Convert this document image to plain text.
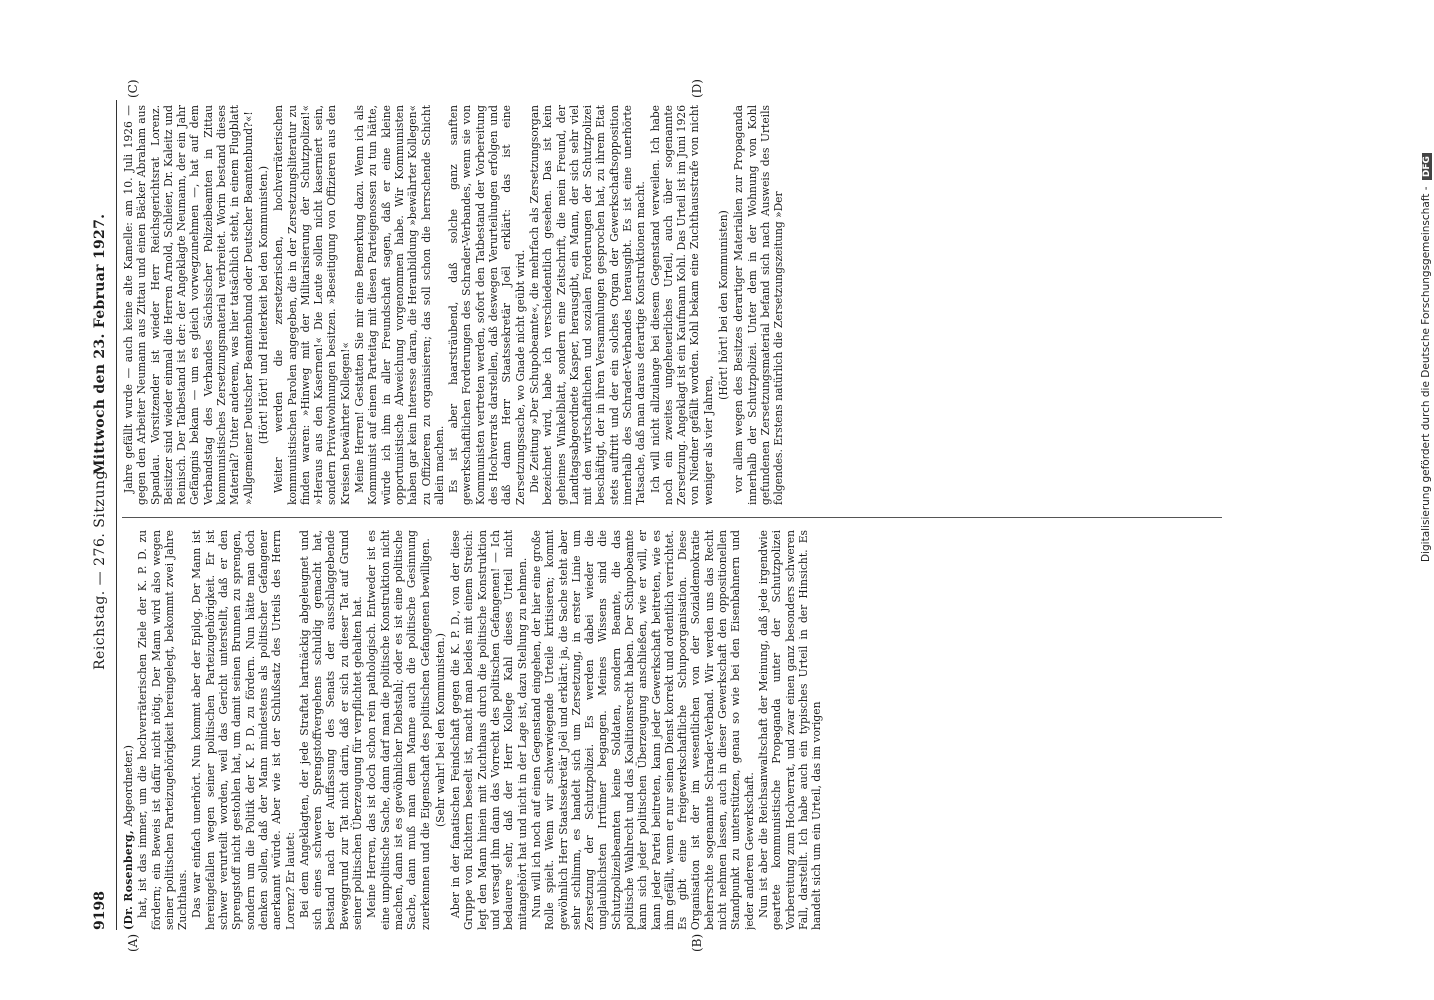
9198
Reichstag. — 276. Sitzung.
Mittwoch den 23. Februar 1927.

(Dr. Rosenberg, Abgeordneter.) hat, ist das immer, um die hochverräterischen Ziele der K. P. D. zu fördern; ein Beweis ist dafür nicht nötig. Der Mann wird also wegen seiner politischen Parteizugehörigkeit hereingelegt, bekommt zwei Jahre Zuchthaus. Das war einfach unerhört. Nun kommt aber der Epilog. Der Mann ist hereingefallen wegen seiner politischen Parteizugehörigkeit. Er ist schwer verurteilt worden, weil das Gericht unterstellt, daß er den Sprengstoff nicht gestohlen hat, um damit seinen Brunnen zu sprengen, sondern um die Politik der K. P. D. zu fördern. Nun hätte man doch denken sollen, daß der Mann mindestens als politischer Gefangener anerkannt würde. Aber wie ist der Schlußsatz des Urteils des Herrn Lorenz? Er lautet: Bei dem Angeklagten, der jede Straftat hartnäckig abgeleugnet und sich eines schweren Sprengstoffvergehens schuldig gemacht hat, bestand nach der Auffassung des Senats der ausschlaggebende Beweggrund zur Tat nicht darin, daß er sich zu dieser Tat auf Grund seiner politischen Überzeugung für verpflichtet gehalten hat. Meine Herren, das ist doch schon rein pathologisch. Entweder ist es eine unpolitische Sache, dann darf man die politische Konstruktion nicht machen, dann ist es gewöhnlicher Diebstahl; oder es ist eine politische Sache, dann muß man dem Manne auch die politische Gesinnung zuerkennen und die Eigenschaft des politischen Gefangenen bewilligen. (Sehr wahr! bei den Kommunisten.) Aber in der fanatischen Feindschaft gegen die K. P. D., von der diese Gruppe von Richtern beseelt ist, macht man beides mit einem Streich: legt den Mann hinein mit Zuchthaus durch die politische Konstruktion und versagt ihm dann das Vorrecht des politischen Gefangenen! — Ich bedauere sehr, daß der Herr Kollege Kahl dieses Urteil nicht mitangehört hat und nicht in der Lage ist, dazu Stellung zu nehmen. Nun will ich noch auf einen Gegenstand eingehen, der hier eine große Rolle spielt. Wenn wir schwerwiegende Urteile kritisieren; kommt gewöhnlich Herr Staatssekretär Joël und erklärt: ja, die Sache steht aber sehr schlimm, es handelt sich um Zersetzung, in erster Linie um Zersetzung der Schutzpolizei. Es werden dabei wieder die unglaublichsten Irrtümer begangen. Meines Wissens sind die Schutzpolizeibeamten keine Soldaten, sondern Beamte, die das politische Wahlrecht und das Koalitionsrecht haben. Der Schupobeamte kann sich jeder politischen Überzeugung anschließen, wie er will, er kann jeder Partei beitreten, kann jeder Gewerkschaft beitreten, wie es ihm gefällt, wenn er nur seinen Dienst korrekt und ordentlich verrichtet. Es gibt eine freigewerkschaftliche Schupoorganisation. Diese Organisation ist der im wesentlichen von der Sozialdemokratie beherrschte sogenannte Schrader-Verband. Wir werden uns das Recht nicht nehmen lassen, auch in dieser Gewerkschaft den oppositionellen Standpunkt zu unterstützen, genau so wie bei den Eisenbahnern und jeder anderen Gewerkschaft. Nun ist aber die Reichsanwaltschaft der Meinung, daß jede irgendwie geartete kommunistische Propaganda unter der Schutzpolizei Vorbereitung zum Hochverrat, und zwar einen ganz besonders schweren Fall, darstellt. Ich habe auch ein typisches Urteil in der Hinsicht. Es handelt sich um ein Urteil, das im vorigen

Jahre gefällt wurde — auch keine alte Kamelle: am 10. Juli 1926 — gegen den Arbeiter Neumann aus Zittau und einen Bäcker Abraham aus Spandau. Vorsitzender ist wieder Herr Reichsgerichtsrat Lorenz. Beisitzer sind wieder einmal die Herren Arnold, Schleier, Dr. Kaleitz und Reinisch. Der Tatbestand ist der: der Angeklagte Neumann, der ein Jahr Gefängnis bekam — um es gleich vorwegzunehmen —, hat auf dem Verbandstag des Verbandes Sächsischer Polizeibeamten in Zittau kommunistisches Zersetzungsmaterial verbreitet. Worin bestand dieses Material? Unter anderem, was hier tatsächlich steht, in einem Flugblatt »Allgemeiner Deutscher Beamtenbund oder Deutscher Beamtenbund?«! (Hört! Hört! und Heiterkeit bei den Kommunisten.) Weiter werden die zersetzerischen, hochverräterischen kommunistischen Parolen angegeben, die in der Zersetzungsliteratur zu finden waren: »Hinweg mit der Militarisierung der Schutzpolizei!« »Heraus aus den Kasernen!« Die Leute sollen nicht kaserniert sein, sondern Privatwohnungen besitzen. »Beseitigung von Offizieren aus den Kreisen bewährter Kollegen!« Meine Herren! Gestatten Sie mir eine Bemerkung dazu. Wenn ich als Kommunist auf einem Parteitag mit diesen Parteigenossen zu tun hätte, würde ich ihm in aller Freundschaft sagen, daß er eine kleine opportunistische Abweichung vorgenommen habe. Wir Kommunisten haben gar kein Interesse daran, die Heranbildung »bewährter Kollegen« zu Offizieren zu organisieren; das soll schon die herrschende Schicht allein machen. Es ist aber haarsträubend, daß solche ganz sanften gewerkschaftlichen Forderungen des Schrader-Verbandes, wenn sie von Kommunisten vertreten werden, sofort den Tatbestand der Vorbereitung des Hochverrats darstellen, daß deswegen Verurteilungen erfolgen und daß dann Herr Staatssekretär Joël erklärt: das ist eine Zersetzungssache, wo Gnade nicht geübt wird. Die Zeitung »Der Schupobeamte«, die mehrfach als Zersetzungsorgan bezeichnet wird, habe ich verschiedentlich gesehen. Das ist kein geheimes Winkelblatt, sondern eine Zeitschrift, die mein Freund, der Landtagsabgeordnete Kasper, herausgibt, ein Mann, der sich sehr viel mit den wirtschaftlichen und sozialen Forderungen der Schutzpolizei beschäftigt, der in ihren Versammlungen gesprochen hat, zu ihrem Etat stets auftritt und der ein solches Organ der Gewerkschaftsopposition innerhalb des Schrader-Verbandes herausgibt. Es ist eine unerhörte Tatsache, daß man daraus derartige Konstruktionen macht. Ich will nicht allzulange bei diesem Gegenstand verweilen. Ich habe noch ein zweites ungeheuerliches Urteil, auch über sogenannte Zersetzung. Angeklagt ist ein Kaufmann Kohl. Das Urteil ist im Juni 1926 von Niedner gefällt worden. Kohl bekam eine Zuchthausstrafe von nicht weniger als vier Jahren,

(Hört! hört! bei den Kommunisten) vor allem wegen des Besitzes derartiger Materialien zur Propaganda innerhalb der Schutzpolizei. Unter dem in der Wohnung von Kohl gefundenen Zersetzungsmaterial befand sich nach Ausweis des Urteils folgendes. Erstens natürlich die Zersetzungszeitung »Der

(A)	(B)
(C)	(D)
Digitalisierung gefördert durch die Deutsche Forschungsgemeinschaft - DFG
